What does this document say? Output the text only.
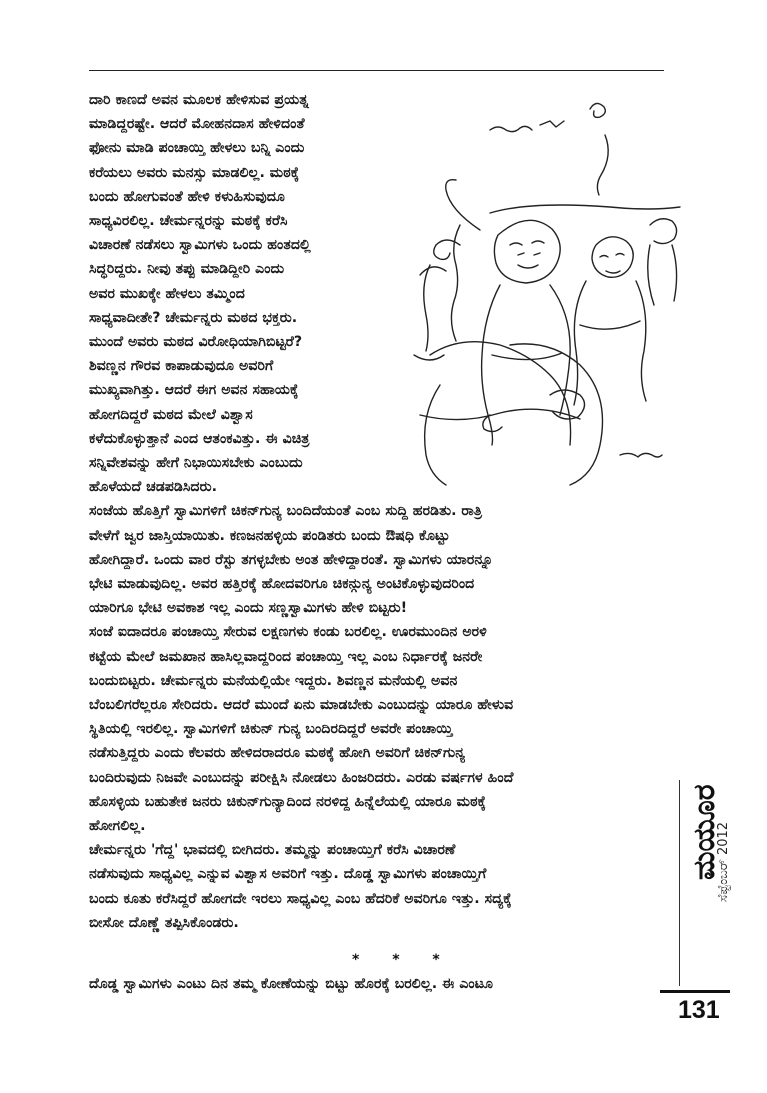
ದಾರಿ ಕಾಣದೆ ಅವನ ಮೂಲಕ ಹೇಳಿಸುವ ಪ್ರಯತ್ನ
ಮಾಡಿದ್ದರಷ್ಟೇ. ಆದರೆ ಮೋಹನದಾಸ ಹೇಳಿದಂತೆ
ಫೋನು ಮಾಡಿ ಪಂಚಾಯ್ತಿ ಹೇಳಲು ಬನ್ನಿ ಎಂದು
ಕರೆಯಲು ಅವರು ಮನಸ್ಸು ಮಾಡಲಿಲ್ಲ. ಮಠಕ್ಕೆ
ಬಂದು ಹೋಗುವಂತೆ ಹೇಳಿ ಕಳುಹಿಸುವುದೂ
ಸಾಧ್ಯವಿರಲಿಲ್ಲ. ಚೇರ್ಮನ್ನರನ್ನು ಮಠಕ್ಕೆ ಕರೆಸಿ
ವಿಚಾರಣೆ ನಡೆಸಲು ಸ್ವಾಮಿಗಳು ಒಂದು ಹಂತದಲ್ಲಿ
ಸಿದ್ಧರಿದ್ದರು. ನೀವು ತಪ್ಪು ಮಾಡಿದ್ದೀರಿ ಎಂದು
ಅವರ ಮುಖಕ್ಕೇ ಹೇಳಲು ತಮ್ಮಿಂದ
ಸಾಧ್ಯವಾದೀತೇ? ಚೇರ್ಮನ್ನರು ಮಠದ ಭಕ್ತರು.
ಮುಂದೆ ಅವರು ಮಠದ ವಿರೋಧಿಯಾಗಿಬಿಟ್ಟರೆ?
ಶಿವಣ್ಣನ ಗೌರವ ಕಾಪಾಡುವುದೂ ಅವರಿಗೆ
ಮುಖ್ಯವಾಗಿತ್ತು. ಆದರೆ ಈಗ ಅವನ ಸಹಾಯಕ್ಕೆ
ಹೋಗದಿದ್ದರೆ ಮಠದ ಮೇಲೆ ವಿಶ್ವಾಸ
ಕಳೆದುಕೊಳ್ಳುತ್ತಾನೆ ಎಂದ ಆತಂಕವಿತ್ತು. ಈ ವಿಚಿತ್ರ
ಸನ್ನಿವೇಶವನ್ನು ಹೇಗೆ ನಿಭಾಯಿಸಬೇಕು ಎಂಬುದು
ಹೊಳೆಯದೆ ಚಡಪಡಿಸಿದರು.
ಸಂಜೆಯ ಹೊತ್ತಿಗೆ ಸ್ವಾಮಿಗಳಿಗೆ ಚಿಕನ್‌ಗುನ್ಯ ಬಂದಿದೆಯಂತೆ ಎಂಬ ಸುದ್ದಿ ಹರಡಿತು. ರಾತ್ರಿ
ವೇಳೆಗೆ ಜ್ವರ ಜಾಸ್ತಿಯಾಯಿತು. ಕಣಜನಹಳ್ಳಿಯ ಪಂಡಿತರು ಬಂದು ಔಷಧಿ ಕೊಟ್ಟು
ಹೋಗಿದ್ದಾರೆ. ಒಂದು ವಾರ ರೆಸ್ಟು ತಗಳ್ಳಬೇಕು ಅಂತ ಹೇಳಿದ್ದಾರಂತೆ. ಸ್ವಾಮಿಗಳು ಯಾರನ್ನೂ
ಭೇಟಿ ಮಾಡುವುದಿಲ್ಲ. ಅವರ ಹತ್ತಿರಕ್ಕೆ ಹೋದವರಿಗೂ ಚಿಕನ್ಗುನ್ಯ ಅಂಟಿಕೊಳ್ಳುವುದರಿಂದ
ಯಾರಿಗೂ ಭೇಟಿ ಅವಕಾಶ ಇಲ್ಲ ಎಂದು ಸಣ್ಣಸ್ವಾಮಿಗಳು ಹೇಳಿ ಬಿಟ್ಟರು!
ಸಂಜೆ ಐದಾದರೂ ಪಂಚಾಯ್ತಿ ಸೇರುವ ಲಕ್ಷಣಗಳು ಕಂಡು ಬರಲಿಲ್ಲ. ಊರಮುಂದಿನ ಅರಳಿ
ಕಟ್ಟೆಯ ಮೇಲೆ ಜಮಖಾನ ಹಾಸಿಲ್ಲವಾದ್ದರಿಂದ ಪಂಚಾಯ್ತಿ ಇಲ್ಲ ಎಂಬ ನಿರ್ಧಾರಕ್ಕೆ ಜನರೇ
ಬಂದುಬಿಟ್ಟರು. ಚೇರ್ಮನ್ನರು ಮನೆಯಲ್ಲಿಯೇ ಇದ್ದರು. ಶಿವಣ್ಣನ ಮನೆಯಲ್ಲಿ ಅವನ
ಬೆಂಬಲಿಗರೆಲ್ಲರೂ ಸೇರಿದರು. ಆದರೆ ಮುಂದೆ ಏನು ಮಾಡಬೇಕು ಎಂಬುದನ್ನು ಯಾರೂ ಹೇಳುವ
ಸ್ಥಿತಿಯಲ್ಲಿ ಇರಲಿಲ್ಲ. ಸ್ವಾಮಿಗಳಿಗೆ ಚಿಕುನ್ ಗುನ್ಯ ಬಂದಿರದಿದ್ದರೆ ಅವರೇ ಪಂಚಾಯ್ತಿ
ನಡೆಸುತ್ತಿದ್ದರು ಎಂದು ಕೆಲವರು ಹೇಳಿದರಾದರೂ ಮಠಕ್ಕೆ ಹೋಗಿ ಅವರಿಗೆ ಚಿಕನ್‌ಗುನ್ಯ
ಬಂದಿರುವುದು ನಿಜವೇ ಎಂಬುದನ್ನು ಪರೀಕ್ಷಿಸಿ ನೋಡಲು ಹಿಂಜರಿದರು. ಎರಡು ವರ್ಷಗಳ ಹಿಂದೆ
ಹೊಸಳ್ಳಿಯ ಬಹುತೇಕ ಜನರು ಚಿಕುನ್‌ಗುನ್ಯಾದಿಂದ ನರಳಿದ್ದ ಹಿನ್ನೆಲೆಯಲ್ಲಿ ಯಾರೂ ಮಠಕ್ಕೆ
ಹೋಗಲಿಲ್ಲ.
ಚೇರ್ಮನ್ನರು 'ಗೆದ್ದ' ಭಾವದಲ್ಲಿ ಬೀಗಿದರು. ತಮ್ಮನ್ನು ಪಂಚಾಯ್ತಿಗೆ ಕರೆಸಿ ವಿಚಾರಣೆ
ನಡೆಸುವುದು ಸಾಧ್ಯವಿಲ್ಲ ಎನ್ನುವ ವಿಶ್ವಾಸ ಅವರಿಗೆ ಇತ್ತು. ದೊಡ್ಡ ಸ್ವಾಮಿಗಳು ಪಂಚಾಯ್ತಿಗೆ
ಬಂದು ಕೂತು ಕರೆಸಿದ್ದರೆ ಹೋಗದೇ ಇರಲು ಸಾಧ್ಯವಿಲ್ಲ ಎಂಬ ಹೆದರಿಕೆ ಅವರಿಗೂ ಇತ್ತು. ಸದ್ಯಕ್ಕೆ
ಬೀಸೋ ದೊಣ್ಣೆ ತಪ್ಪಿಸಿಕೊಂಡರು.
* * *
ದೊಡ್ಡ ಸ್ವಾಮಿಗಳು ಎಂಟು ದಿನ ತಮ್ಮ ಕೋಣೆಯನ್ನು ಬಿಟ್ಟು ಹೊರಕ್ಕೆ ಬರಲಿಲ್ಲ. ಈ ಎಂಟೂ
ಮಯೂರ
ಸೆಪ್ಟೆಂಬರ್ 2012
131
